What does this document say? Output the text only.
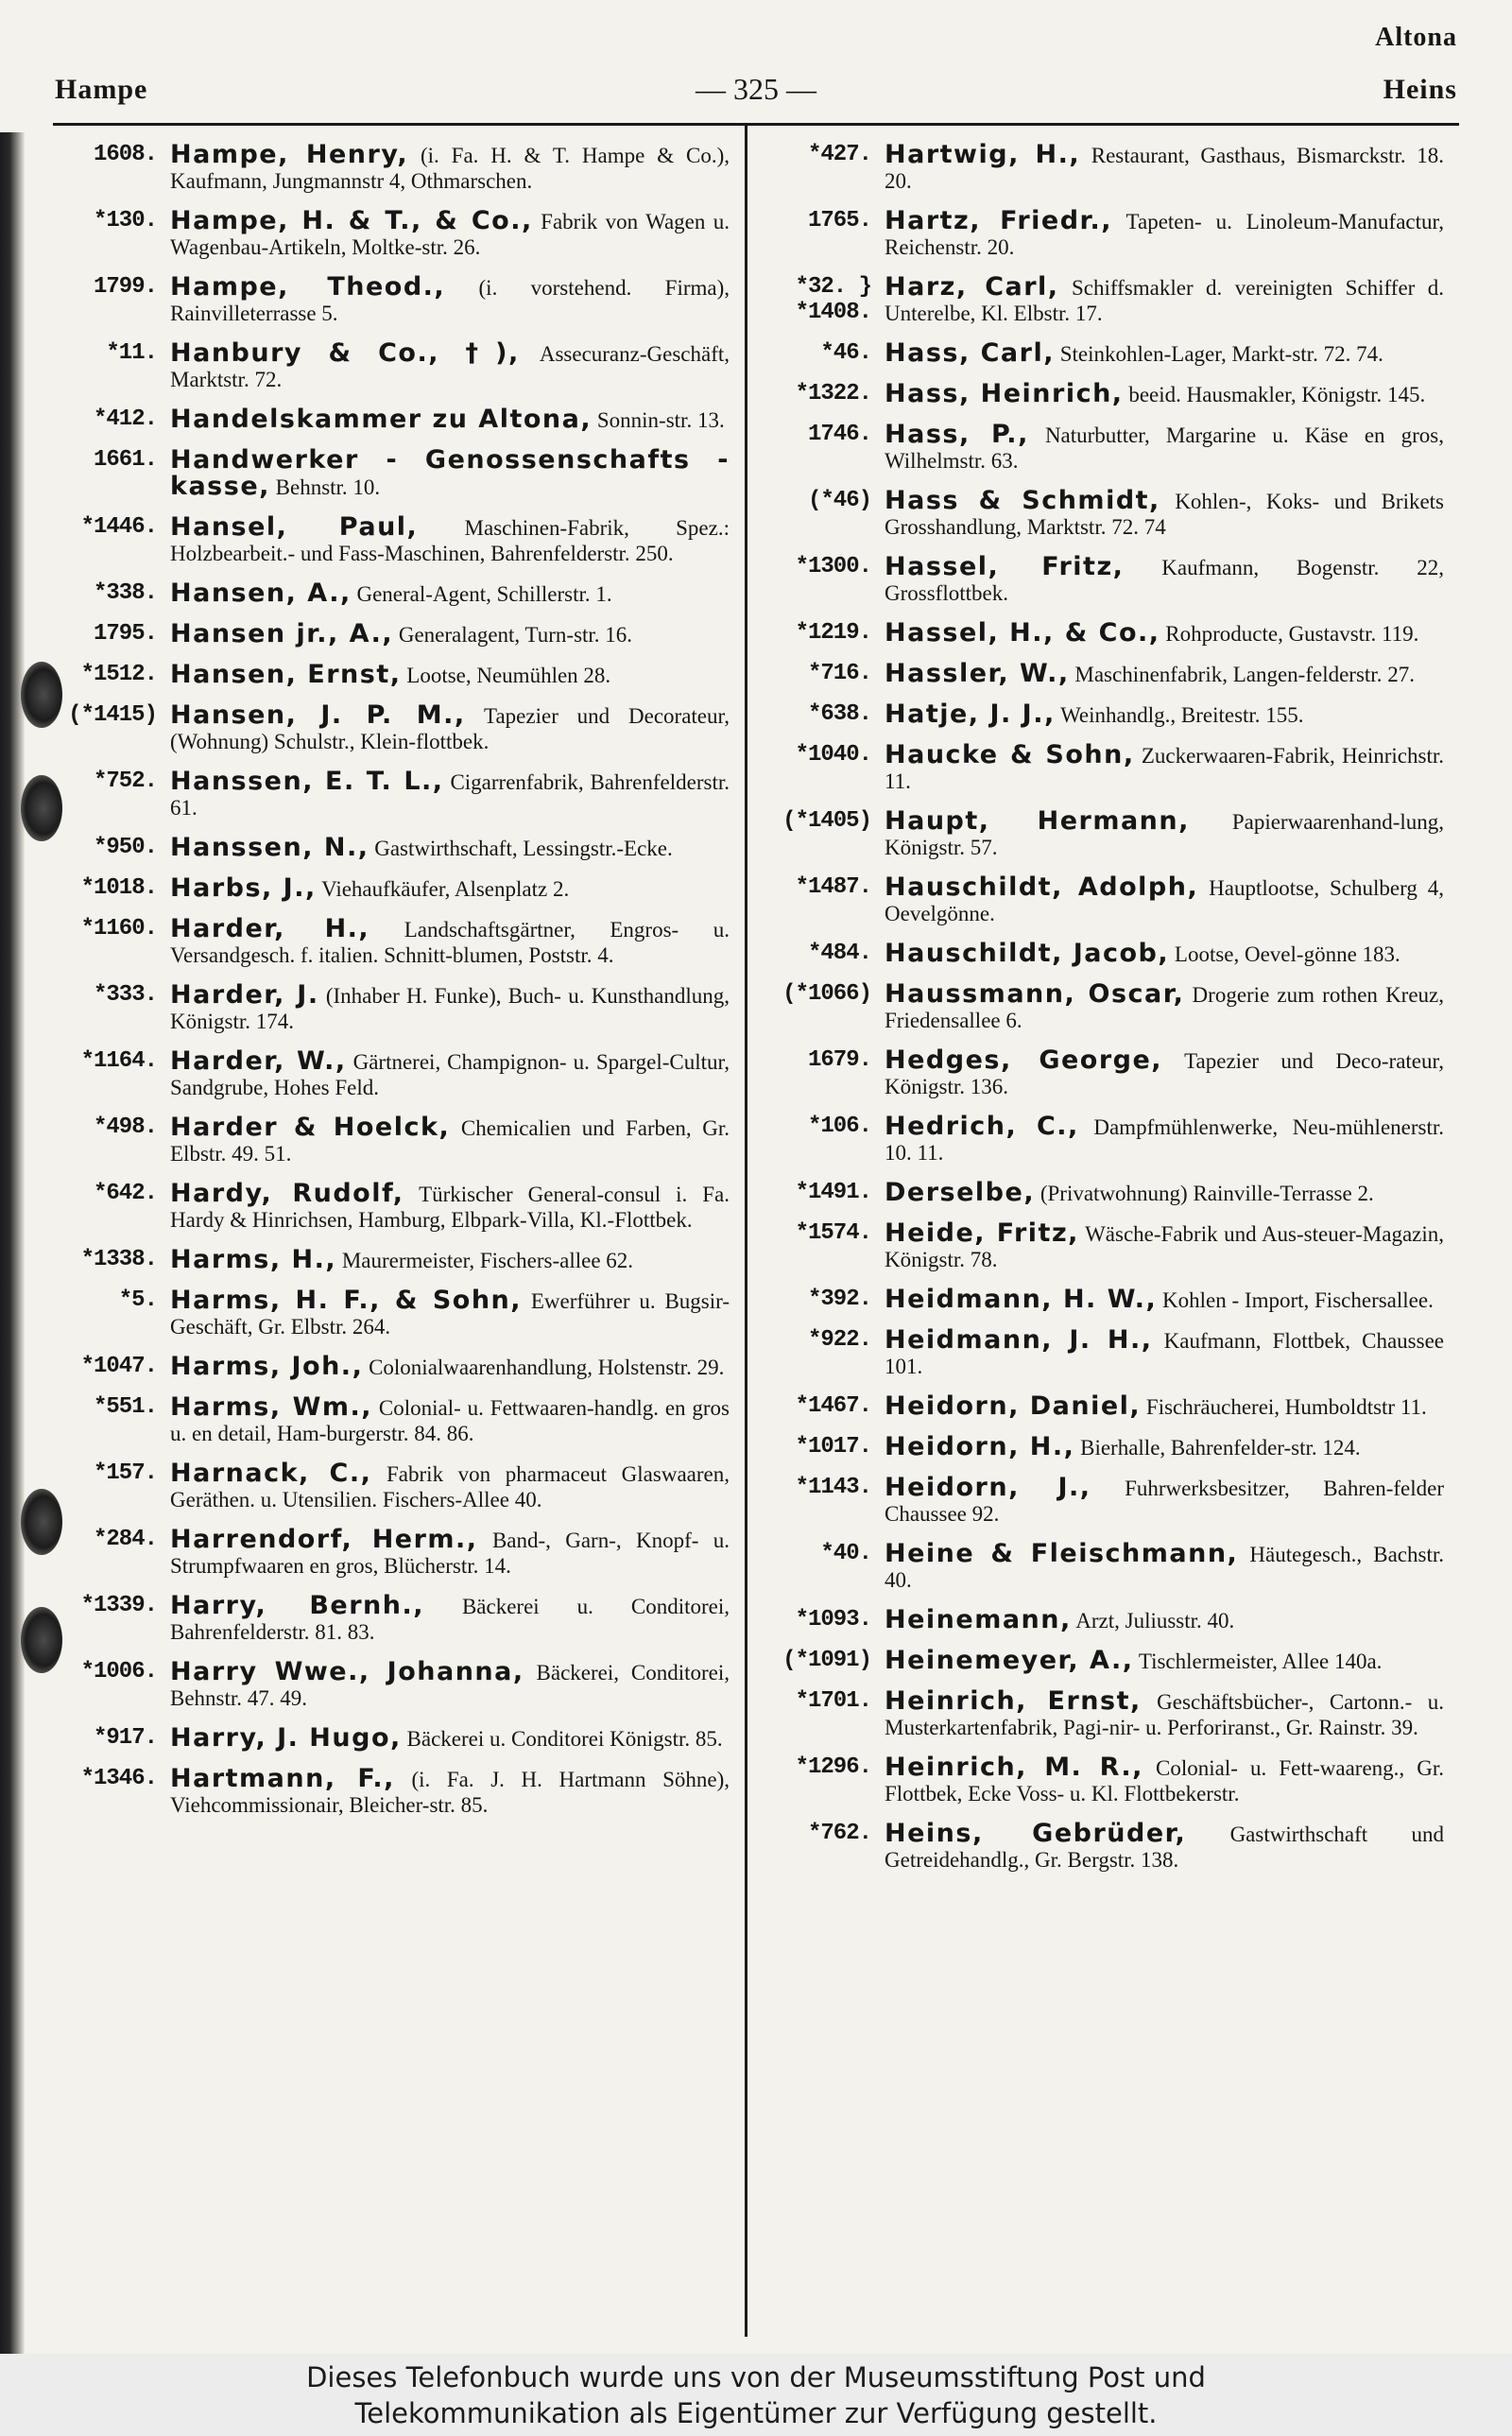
Altona
Hampe	— 325 —	Heins
1608. Hampe, Henry, (i. Fa. H. & T. Hampe & Co.), Kaufmann, Jungmannstr 4, Othmarschen.
*130. Hampe, H. & T., & Co., Fabrik von Wagen u. Wagenbau-Artikeln, Moltke-str. 26.
1799. Hampe, Theod., (i. vorstehend. Firma), Rainvilleterrasse 5.
*11. Hanbury & Co., †), Assecuranz-Geschäft, Marktstr. 72.
*412. Handelskammer zu Altona, Sonnin-str. 13.
1661. Handwerker - Genossenschafts - kasse, Behnstr. 10.
*1446. Hansel, Paul, Maschinen-Fabrik, Spez.: Holzbearbeit.- und Fass-Maschinen, Bahrenfelderstr. 250.
*338. Hansen, A., General-Agent, Schillerstr. 1.
1795. Hansen jr., A., Generalagent, Turn-str. 16.
*1512. Hansen, Ernst, Lootse, Neumühlen 28.
(*1415) Hansen, J. P. M., Tapezier und Decorateur, (Wohnung) Schulstr., Klein-flottbek.
*752. Hanssen, E. T. L., Cigarrenfabrik, Bahrenfelderstr. 61.
*950. Hanssen, N., Gastwirthschaft, Lessingstr.-Ecke.
*1018. Harbs, J., Viehaufkäufer, Alsenplatz 2.
*1160. Harder, H., Landschaftsgärtner, Engros- u. Versandgesch. f. italien. Schnitt-blumen, Poststr. 4.
*333. Harder, J. (Inhaber H. Funke), Buch- u. Kunsthandlung, Königstr. 174.
*1164. Harder, W., Gärtnerei, Champignon- u. Spargel-Cultur, Sandgrube, Hohes Feld.
*498. Harder & Hoelck, Chemicalien und Farben, Gr. Elbstr. 49. 51.
*642. Hardy, Rudolf, Türkischer General-consul i. Fa. Hardy & Hinrichsen, Hamburg, Elbpark-Villa, Kl.-Flottbek.
*1338. Harms, H., Maurermeister, Fischers-allee 62.
*5. Harms, H. F., & Sohn, Ewerführer u. Bugsir-Geschäft, Gr. Elbstr. 264.
*1047. Harms, Joh., Colonialwaarenhandlung, Holstenstr. 29.
*551. Harms, Wm., Colonial- u. Fettwaaren-handlg. en gros u. en detail, Ham-burgerstr. 84. 86.
*157. Harnack, C., Fabrik von pharmaceut Glaswaaren, Geräthen. u. Utensilien. Fischers-Allee 40.
*284. Harrendorf, Herm., Band-, Garn-, Knopf- u. Strumpfwaaren en gros, Blücherstr. 14.
*1339. Harry, Bernh., Bäckerei u. Conditorei, Bahrenfelderstr. 81. 83.
*1006. Harry Wwe., Johanna, Bäckerei, Conditorei, Behnstr. 47. 49.
*917. Harry, J. Hugo, Bäckerei u. Conditorei Königstr. 85.
*1346. Hartmann, F., (i. Fa. J. H. Hartmann Söhne), Viehcommissionair, Bleicher-str. 85.
*427. Hartwig, H., Restaurant, Gasthaus, Bismarckstr. 18. 20.
1765. Hartz, Friedr., Tapeten- u. Linoleum-Manufactur, Reichenstr. 20.
*32. } *1408.
Harz, Carl, Schiffsmakler d. vereinigten Schiffer d. Unterelbe, Kl. Elbstr. 17.
*46. Hass, Carl, Steinkohlen-Lager, Markt-str. 72. 74.
*1322. Hass, Heinrich, beeid. Hausmakler, Königstr. 145.
1746. Hass, P., Naturbutter, Margarine u. Käse en gros, Wilhelmstr. 63.
(*46) Hass & Schmidt, Kohlen-, Koks- und Brikets Grosshandlung, Marktstr. 72. 74
*1300. Hassel, Fritz, Kaufmann, Bogenstr. 22, Grossflottbek.
*1219. Hassel, H., & Co., Rohproducte, Gustavstr. 119.
*716. Hassler, W., Maschinenfabrik, Langen-felderstr. 27.
*638. Hatje, J. J., Weinhandlg., Breitestr. 155.
*1040. Haucke & Sohn, Zuckerwaaren-Fabrik, Heinrichstr. 11.
(*1405) Haupt, Hermann, Papierwaarenhand-lung, Königstr. 57.
*1487. Hauschildt, Adolph, Hauptlootse, Schulberg 4, Oevelgönne.
*484. Hauschildt, Jacob, Lootse, Oevel-gönne 183.
(*1066) Haussmann, Oscar, Drogerie zum rothen Kreuz, Friedensallee 6.
1679. Hedges, George, Tapezier und Deco-rateur, Königstr. 136.
*106. Hedrich, C., Dampfmühlenwerke, Neu-mühlenerstr. 10. 11.
*1491. Derselbe, (Privatwohnung) Rainville-Terrasse 2.
*1574. Heide, Fritz, Wäsche-Fabrik und Aus-steuer-Magazin, Königstr. 78.
*392. Heidmann, H. W., Kohlen - Import, Fischersallee.
*922. Heidmann, J. H., Kaufmann, Flottbek, Chaussee 101.
*1467. Heidorn, Daniel, Fischräucherei, Humboldtstr 11.
*1017. Heidorn, H., Bierhalle, Bahrenfelder-str. 124.
*1143. Heidorn, J., Fuhrwerksbesitzer, Bahren-felder Chaussee 92.
*40. Heine & Fleischmann, Häutegesch., Bachstr. 40.
*1093. Heinemann, Arzt, Juliusstr. 40.
(*1091) Heinemeyer, A., Tischlermeister, Allee 140a.
*1701. Heinrich, Ernst, Geschäftsbücher-, Cartonn.- u. Musterkartenfabrik, Pagi-nir- u. Perforiranst., Gr. Rainstr. 39.
*1296. Heinrich, M. R., Colonial- u. Fett-waareng., Gr. Flottbek, Ecke Voss- u. Kl. Flottbekerstr.
*762. Heins, Gebrüder, Gastwirthschaft und Getreidehandlg., Gr. Bergstr. 138.
Dieses Telefonbuch wurde uns von der Museumsstiftung Post und
Telekommunikation als Eigentümer zur Verfügung gestellt.
